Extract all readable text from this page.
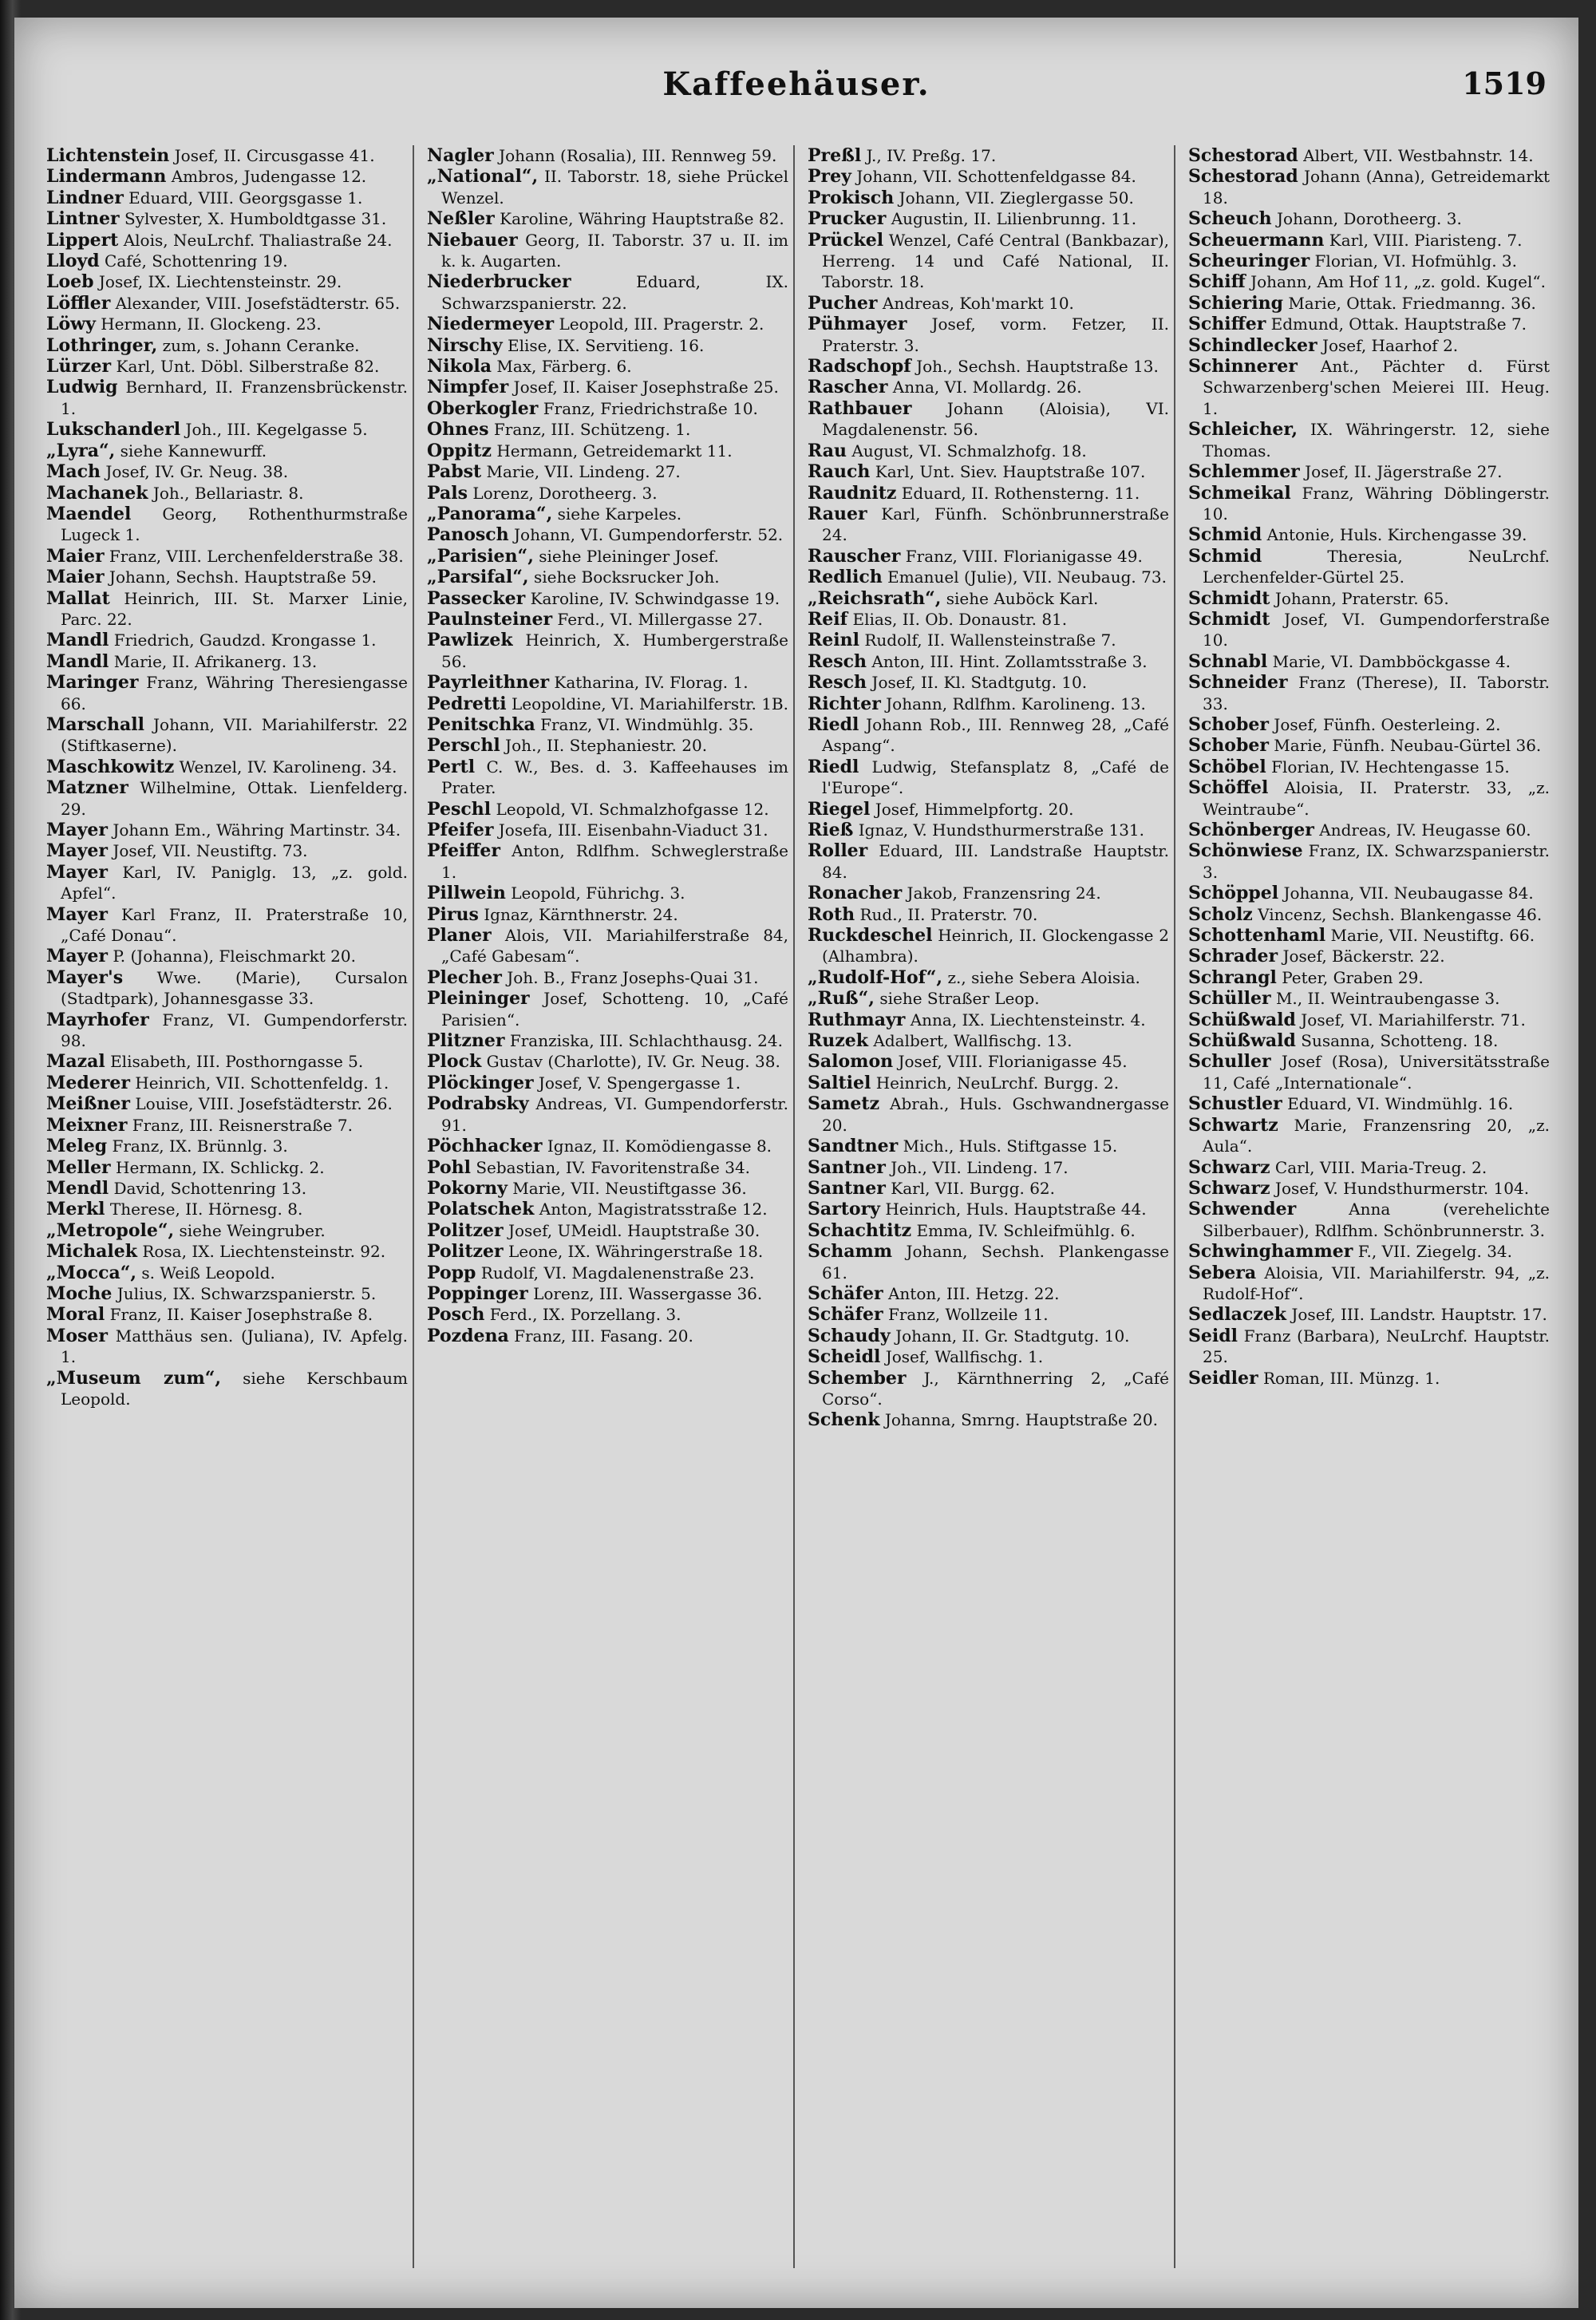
Kaffeehäuser.	1519
Lichtenstein Josef, II. Circusgasse 41.
Lindermann Ambros, Judengasse 12.
Lindner Eduard, VIII. Georgsgasse 1.
Lintner Sylvester, X. Humboldtgasse 31.
Lippert Alois, NeuLrchf. Thaliastraße 24.
Lloyd Café, Schottenring 19.
Loeb Josef, IX. Liechtensteinstr. 29.
Löffler Alexander, VIII. Josefstädterstr. 65.
Löwy Hermann, II. Glockeng. 23.
Lothringer, zum, s. Johann Ceranke.
Lürzer Karl, Unt. Döbl. Silberstraße 82.
Ludwig Bernhard, II. Franzensbrückenstr. 1.
Lukschanderl Joh., III. Kegelgasse 5.
„Lyra“, siehe Kannewurff.
Mach Josef, IV. Gr. Neug. 38.
Machanek Joh., Bellariastr. 8.
Maendel Georg, Rothenthurmstraße Lugeck 1.
Maier Franz, VIII. Lerchenfelderstraße 38.
Maier Johann, Sechsh. Hauptstraße 59.
Mallat Heinrich, III. St. Marxer Linie, Parc. 22.
Mandl Friedrich, Gaudzd. Krongasse 1.
Mandl Marie, II. Afrikanerg. 13.
Maringer Franz, Währing Theresiengasse 66.
Marschall Johann, VII. Mariahilferstr. 22 (Stiftkaserne).
Maschkowitz Wenzel, IV. Karolineng. 34.
Matzner Wilhelmine, Ottak. Lienfelderg. 29.
Mayer Johann Em., Währing Martinstr. 34.
Mayer Josef, VII. Neustiftg. 73.
Mayer Karl, IV. Paniglg. 13, „z. gold. Apfel“.
Mayer Karl Franz, II. Praterstraße 10, „Café Donau“.
Mayer P. (Johanna), Fleischmarkt 20.
Mayer's Wwe. (Marie), Cursalon (Stadtpark), Johannesgasse 33.
Mayrhofer Franz, VI. Gumpendorferstr. 98.
Mazal Elisabeth, III. Posthorngasse 5.
Mederer Heinrich, VII. Schottenfeldg. 1.
Meißner Louise, VIII. Josefstädterstr. 26.
Meixner Franz, III. Reisnerstraße 7.
Meleg Franz, IX. Brünnlg. 3.
Meller Hermann, IX. Schlickg. 2.
Mendl David, Schottenring 13.
Merkl Therese, II. Hörnesg. 8.
„Metropole“, siehe Weingruber.
Michalek Rosa, IX. Liechtensteinstr. 92.
„Mocca“, s. Weiß Leopold.
Moche Julius, IX. Schwarzspanierstr. 5.
Moral Franz, II. Kaiser Josephstraße 8.
Moser Matthäus sen. (Juliana), IV. Apfelg. 1.
„Museum zum“, siehe Kerschbaum Leopold.
Nagler Johann (Rosalia), III. Rennweg 59.
„National“, II. Taborstr. 18, siehe Prückel Wenzel.
Neßler Karoline, Währing Hauptstraße 82.
Niebauer Georg, II. Taborstr. 37 u. II. im k. k. Augarten.
Niederbrucker	Eduard, IX. Schwarzspanierstr. 22.
Niedermeyer Leopold, III. Pragerstr. 2.
Nirschy Elise, IX. Servitieng. 16.
Nikola Max, Färberg. 6.
Nimpfer Josef, II. Kaiser Josephstraße 25.
Oberkogler Franz, Friedrichstraße 10.
Ohnes Franz, III. Schützeng. 1.
Oppitz Hermann, Getreidemarkt 11.
Pabst Marie, VII. Lindeng. 27.
Pals Lorenz, Dorotheerg. 3.
„Panorama“, siehe Karpeles.
Panosch Johann, VI. Gumpendorferstr. 52.
„Parisien“, siehe Pleininger Josef.
„Parsifal“, siehe Bocksrucker Joh.
Passecker Karoline, IV. Schwindgasse 19.
Paulnsteiner Ferd., VI. Millergasse 27.
Pawlizek Heinrich, X. Humbergerstraße 56.
Payrleithner Katharina, IV. Florag. 1.
Pedretti Leopoldine, VI. Mariahilferstr. 1B.
Penitschka Franz, VI. Windmühlg. 35.
Perschl Joh., II. Stephaniestr. 20.
Pertl C. W., Bes. d. 3. Kaffeehauses im Prater.
Peschl Leopold, VI. Schmalzhofgasse 12.
Pfeifer Josefa, III. Eisenbahn-Viaduct 31.
Pfeiffer Anton, Rdlfhm. Schweglerstraße 1.
Pillwein Leopold, Führichg. 3.
Pirus Ignaz, Kärnthnerstr. 24.
Planer Alois, VII. Mariahilferstraße 84, „Café Gabesam“.
Plecher Joh. B., Franz Josephs-Quai 31.
Pleininger Josef, Schotteng. 10, „Café Parisien“.
Plitzner Franziska, III. Schlachthausg. 24.
Plock Gustav (Charlotte), IV. Gr. Neug. 38.
Plöckinger Josef, V. Spengergasse 1.
Podrabsky Andreas, VI. Gumpendorferstr. 91.
Pöchhacker Ignaz, II. Komödiengasse 8.
Pohl Sebastian, IV. Favoritenstraße 34.
Pokorny Marie, VII. Neustiftgasse 36.
Polatschek Anton, Magistratsstraße 12.
Politzer Josef, UMeidl. Hauptstraße 30.
Politzer Leone, IX. Währingerstraße 18.
Popp Rudolf, VI. Magdalenenstraße 23.
Poppinger Lorenz, III. Wassergasse 36.
Posch Ferd., IX. Porzellang. 3.
Pozdena Franz, III. Fasang. 20.
Preßl J., IV. Preßg. 17.
Prey Johann, VII. Schottenfeldgasse 84.
Prokisch Johann, VII. Zieglergasse 50.
Prucker Augustin, II. Lilienbrunng. 11.
Prückel Wenzel, Café Central (Bankbazar), Herreng. 14 und Café National, II. Taborstr. 18.
Pucher Andreas, Koh'markt 10.
Pühmayer Josef, vorm. Fetzer, II. Praterstr. 3.
Radschopf Joh., Sechsh. Hauptstraße 13.
Rascher Anna, VI. Mollardg. 26.
Rathbauer Johann (Aloisia), VI. Magdalenenstr. 56.
Rau August, VI. Schmalzhofg. 18.
Rauch Karl, Unt. Siev. Hauptstraße 107.
Raudnitz Eduard, II. Rothensterng. 11.
Rauer Karl, Fünfh. Schönbrunnerstraße 24.
Rauscher Franz, VIII. Florianigasse 49.
Redlich Emanuel (Julie), VII. Neubaug. 73.
„Reichsrath“, siehe Auböck Karl.
Reif Elias, II. Ob. Donaustr. 81.
Reinl Rudolf, II. Wallensteinstraße 7.
Resch Anton, III. Hint. Zollamtsstraße 3.
Resch Josef, II. Kl. Stadtgutg. 10.
Richter Johann, Rdlfhm. Karolineng. 13.
Riedl Johann Rob., III. Rennweg 28, „Café Aspang“.
Riedl Ludwig, Stefansplatz 8, „Café de l'Europe“.
Riegel Josef, Himmelpfortg. 20.
Rieß Ignaz, V. Hundsthurmerstraße 131.
Roller Eduard, III. Landstraße Hauptstr. 84.
Ronacher Jakob, Franzensring 24.
Roth Rud., II. Praterstr. 70.
Ruckdeschel Heinrich, II. Glockengasse 2 (Alhambra).
„Rudolf-Hof“, z., siehe Sebera Aloisia.
„Ruß“, siehe Straßer Leop.
Ruthmayr Anna, IX. Liechtensteinstr. 4.
Ruzek Adalbert, Wallfischg. 13.
Salomon Josef, VIII. Florianigasse 45.
Saltiel Heinrich, NeuLrchf. Burgg. 2.
Sametz Abrah., Huls. Gschwandnergasse 20.
Sandtner Mich., Huls. Stiftgasse 15.
Santner Joh., VII. Lindeng. 17.
Santner Karl, VII. Burgg. 62.
Sartory Heinrich, Huls. Hauptstraße 44.
Schachtitz Emma, IV. Schleifmühlg. 6.
Schamm Johann, Sechsh. Plankengasse 61.
Schäfer Anton, III. Hetzg. 22.
Schäfer Franz, Wollzeile 11.
Schaudy Johann, II. Gr. Stadtgutg. 10.
Scheidl Josef, Wallfischg. 1.
Schember J., Kärnthnerring 2, „Café Corso“.
Schenk Johanna, Smrng. Hauptstraße 20.
Schestorad Albert, VII. Westbahnstr. 14.
Schestorad Johann (Anna), Getreidemarkt 18.
Scheuch Johann, Dorotheerg. 3.
Scheuermann Karl, VIII. Piaristeng. 7.
Scheuringer Florian, VI. Hofmühlg. 3.
Schiff Johann, Am Hof 11, „z. gold. Kugel“.
Schiering Marie, Ottak. Friedmanng. 36.
Schiffer Edmund, Ottak. Hauptstraße 7.
Schindlecker Josef, Haarhof 2.
Schinnerer Ant., Pächter d. Fürst Schwarzenberg'schen Meierei III. Heug. 1.
Schleicher, IX. Währingerstr. 12, siehe Thomas.
Schlemmer Josef, II. Jägerstraße 27.
Schmeikal Franz, Währing Döblingerstr. 10.
Schmid Antonie, Huls. Kirchengasse 39.
Schmid	Theresia, NeuLrchf. Lerchenfelder-Gürtel 25.
Schmidt Johann, Praterstr. 65.
Schmidt Josef, VI. Gumpendorferstraße 10.
Schnabl Marie, VI. Dambböckgasse 4.
Schneider Franz (Therese), II. Taborstr. 33.
Schober Josef, Fünfh. Oesterleing. 2.
Schober Marie, Fünfh. Neubau-Gürtel 36.
Schöbel Florian, IV. Hechtengasse 15.
Schöffel Aloisia, II. Praterstr. 33, „z. Weintraube“.
Schönberger Andreas, IV. Heugasse 60.
Schönwiese Franz, IX. Schwarzspanierstr. 3.
Schöppel Johanna, VII. Neubaugasse 84.
Scholz Vincenz, Sechsh. Blankengasse 46.
Schottenhaml Marie, VII. Neustiftg. 66.
Schrader Josef, Bäckerstr. 22.
Schrangl Peter, Graben 29.
Schüller M., II. Weintraubengasse 3.
Schüßwald Josef, VI. Mariahilferstr. 71.
Schüßwald Susanna, Schotteng. 18.
Schuller Josef (Rosa), Universitätsstraße 11, Café „Internationale“.
Schustler Eduard, VI. Windmühlg. 16.
Schwartz Marie, Franzensring 20, „z. Aula“.
Schwarz Carl, VIII. Maria-Treug. 2.
Schwarz Josef, V. Hundsthurmerstr. 104.
Schwender	Anna (verehelichte Silberbauer), Rdlfhm. Schönbrunnerstr. 3.
Schwinghammer F., VII. Ziegelg. 34.
Sebera Aloisia, VII. Mariahilferstr. 94, „z. Rudolf-Hof“.
Sedlaczek Josef, III. Landstr. Hauptstr. 17.
Seidl Franz (Barbara), NeuLrchf. Hauptstr. 25.
Seidler Roman, III. Münzg. 1.
